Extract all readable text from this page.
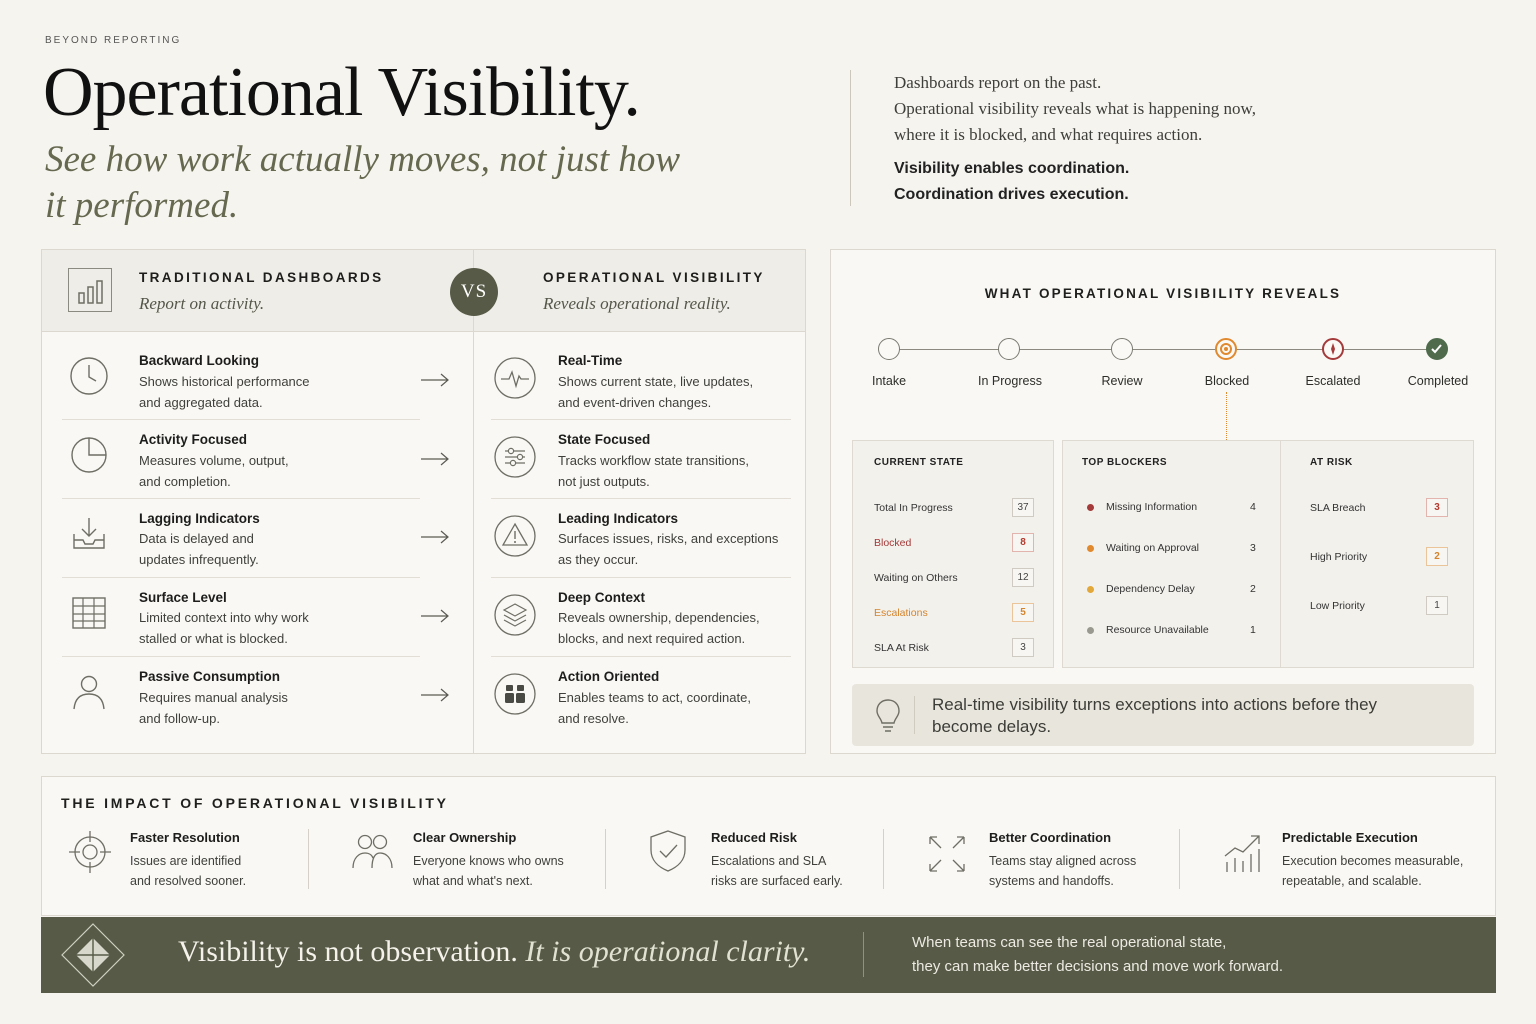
BEYOND REPORTING
Operational Visibility.
See how work actually moves, not just how it performed.
Dashboards report on the past.
Operational visibility reveals what is happening now,
where it is blocked, and what requires action.
Visibility enables coordination.
Coordination drives execution.
TRADITIONAL DASHBOARDS
Report on activity.
VS
OPERATIONAL VISIBILITY
Reveals operational reality.
Backward Looking
Shows historical performance
and aggregated data.
Activity Focused
Measures volume, output,
and completion.
Lagging Indicators
Data is delayed and
updates infrequently.
Surface Level
Limited context into why work
stalled or what is blocked.
Passive Consumption
Requires manual analysis
and follow-up.
Real-Time
Shows current state, live updates,
and event-driven changes.
State Focused
Tracks workflow state transitions,
not just outputs.
Leading Indicators
Surfaces issues, risks, and exceptions
as they occur.
Deep Context
Reveals ownership, dependencies,
blocks, and next required action.
Action Oriented
Enables teams to act, coordinate,
and resolve.
WHAT OPERATIONAL VISIBILITY REVEALS
Intake	In Progress	Review	Blocked	Escalated	Completed
CURRENT STATE
Total In Progress	37
Blocked	8
Waiting on Others	12
Escalations	5
SLA At Risk	3
TOP BLOCKERS
Missing Information	4
Waiting on Approval	3
Dependency Delay	2
Resource Unavailable	1
AT RISK
SLA Breach	3
High Priority	2
Low Priority	1
Real-time visibility turns exceptions into actions before they become delays.
THE IMPACT OF OPERATIONAL VISIBILITY
Faster Resolution
Issues are identified
and resolved sooner.
Clear Ownership
Everyone knows who owns
what and what's next.
Reduced Risk
Escalations and SLA
risks are surfaced early.
Better Coordination
Teams stay aligned across
systems and handoffs.
Predictable Execution
Execution becomes measurable,
repeatable, and scalable.
Visibility is not observation. It is operational clarity.	When teams can see the real operational state,
they can make better decisions and move work forward.
